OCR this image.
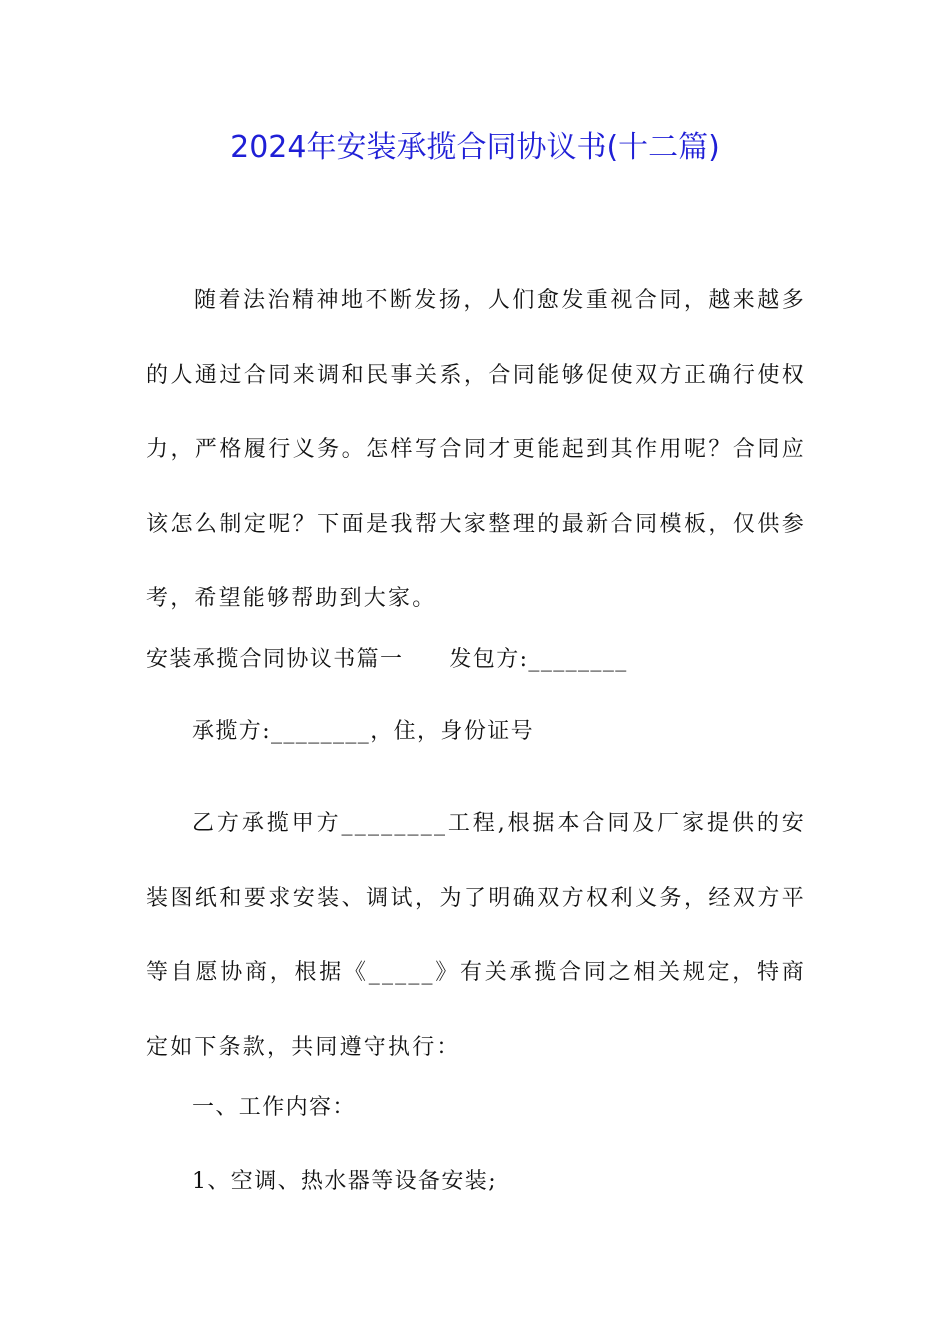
2024年安装承揽合同协议书(十二篇)
随着法治精神地不断发扬，人们愈发重视合同，越来越多的人通过合同来调和民事关系，合同能够促使双方正确行使权力，严格履行义务。怎样写合同才更能起到其作用呢？合同应该怎么制定呢？下面是我帮大家整理的最新合同模板，仅供参考，希望能够帮助到大家。
安装承揽合同协议书篇一 发包方:________
承揽方:________，住，身份证号
乙方承揽甲方________工程,根据本合同及厂家提供的安装图纸和要求安装、调试，为了明确双方权利义务，经双方平等自愿协商，根据《_____》有关承揽合同之相关规定，特商定如下条款，共同遵守执行：
一、工作内容：
1、空调、热水器等设备安装;
